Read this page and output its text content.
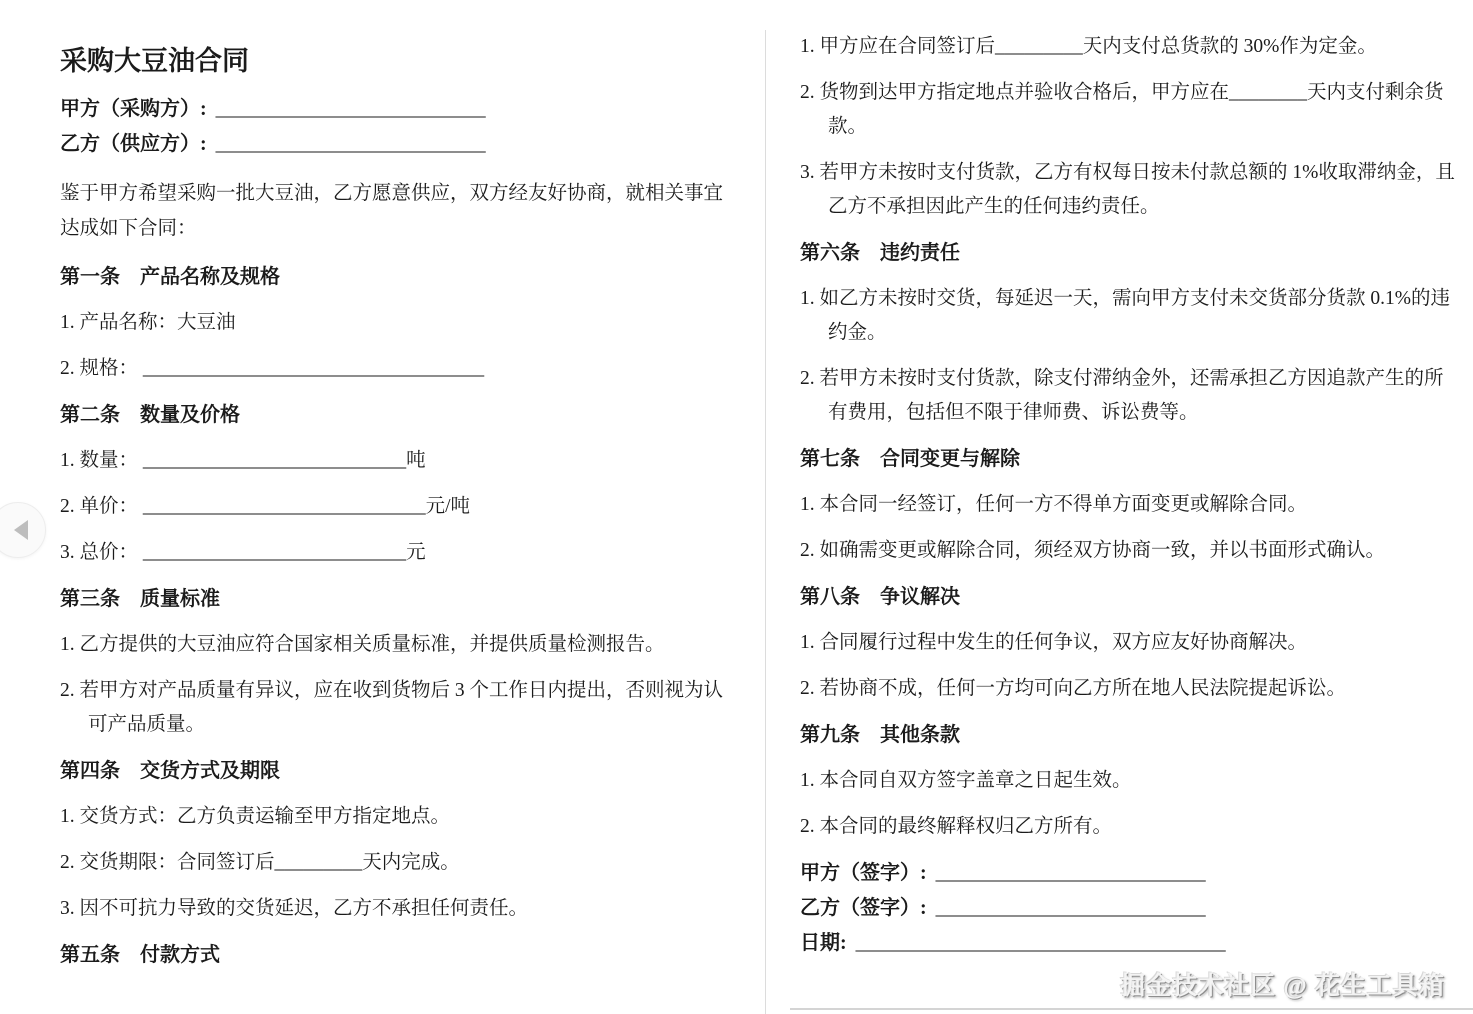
采购大豆油合同
甲方（采购方）: ___________________________
乙方（供应方）: ___________________________

鉴于甲方希望采购一批大豆油，乙方愿意供应，双方经友好协商，就相关事宜达成如下合同：

第一条　产品名称及规格

1. 产品名称：大豆油

2. 规格： ___________________________________

第二条　数量及价格

1. 数量： ___________________________吨

2. 单价： _____________________________元/吨

3. 总价： ___________________________元

第三条　质量标准

1. 乙方提供的大豆油应符合国家相关质量标准，并提供质量检测报告。

2. 若甲方对产品质量有异议，应在收到货物后 3 个工作日内提出，否则视为认可产品质量。

第四条　交货方式及期限

1. 交货方式：乙方负责运输至甲方指定地点。

2. 交货期限：合同签订后_________天内完成。

3. 因不可抗力导致的交货延迟，乙方不承担任何责任。

第五条　付款方式

1. 甲方应在合同签订后_________天内支付总货款的 30%作为定金。

2. 货物到达甲方指定地点并验收合格后，甲方应在________天内支付剩余货款。

3. 若甲方未按时支付货款，乙方有权每日按未付款总额的 1%收取滞纳金，且乙方不承担因此产生的任何违约责任。

第六条　违约责任

1. 如乙方未按时交货，每延迟一天，需向甲方支付未交货部分货款 0.1%的违约金。

2. 若甲方未按时支付货款，除支付滞纳金外，还需承担乙方因追款产生的所有费用，包括但不限于律师费、诉讼费等。

第七条　合同变更与解除

1. 本合同一经签订，任何一方不得单方面变更或解除合同。

2. 如确需变更或解除合同，须经双方协商一致，并以书面形式确认。

第八条　争议解决

1. 合同履行过程中发生的任何争议，双方应友好协商解决。

2. 若协商不成，任何一方均可向乙方所在地人民法院提起诉讼。

第九条　其他条款

1. 本合同自双方签字盖章之日起生效。

2. 本合同的最终解释权归乙方所有。

甲方（签字）: ___________________________
乙方（签字）: ___________________________
日期: _____________________________________
掘金技术社区 @ 花生工具箱
